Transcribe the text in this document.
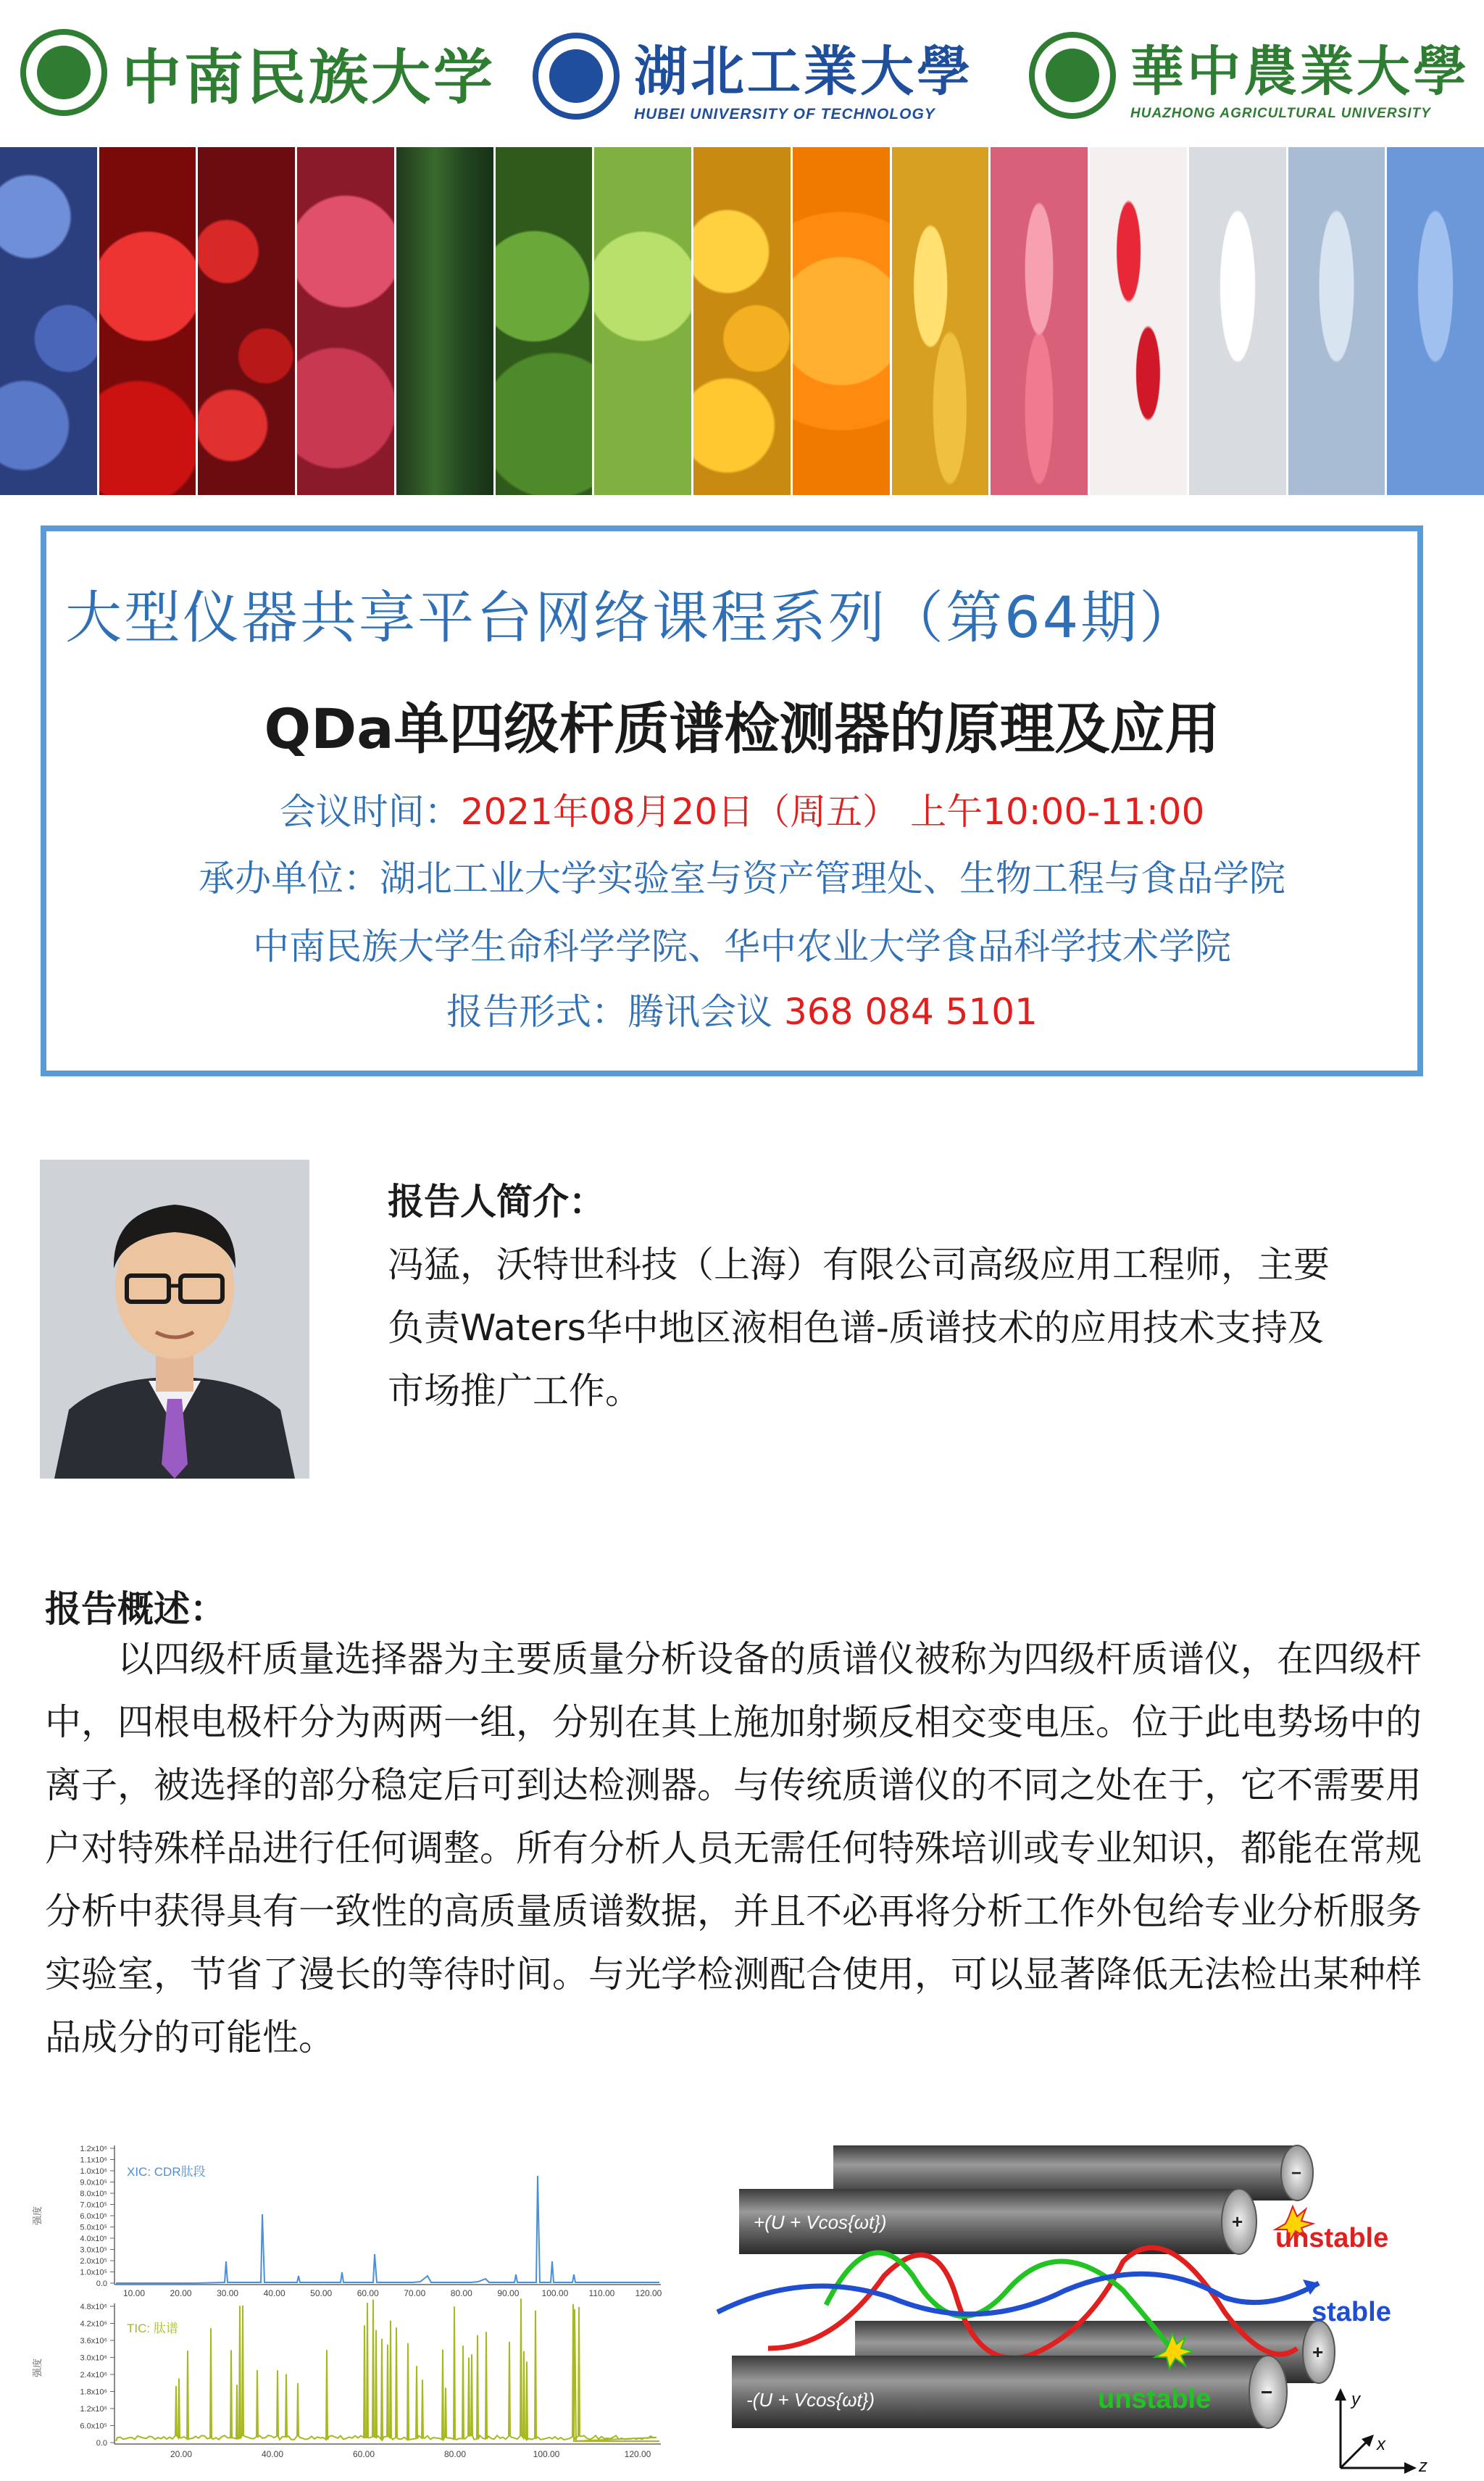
中南民族大学	湖北工業大學
HUBEI UNIVERSITY OF TECHNOLOGY
華中農業大學
HUAZHONG AGRICULTURAL UNIVERSITY
大型仪器共享平台网络课程系列（第64期）
QDa单四级杆质谱检测器的原理及应用
会议时间：2021年08月20日（周五） 上午10:00-11:00
承办单位：湖北工业大学实验室与资产管理处、生物工程与食品学院
中南民族大学生命科学学院、华中农业大学食品科学技术学院
报告形式：腾讯会议 368 084 5101
报告人简介：
冯猛，沃特世科技（上海）有限公司高级应用工程师，主要
负责Waters华中地区液相色谱-质谱技术的应用技术支持及
市场推广工作。
报告概述：
以四级杆质量选择器为主要质量分析设备的质谱仪被称为四级杆质谱仪，在四级杆中，四根电极杆分为两两一组，分别在其上施加射频反相交变电压。位于此电势场中的离子，被选择的部分稳定后可到达检测器。与传统质谱仪的不同之处在于，它不需要用户对特殊样品进行任何调整。所有分析人员无需任何特殊培训或专业知识，都能在常规分析中获得具有一致性的高质量质谱数据，并且不必再将分析工作外包给专业分析服务实验室，节省了漫长的等待时间。与光学检测配合使用，可以显著降低无法检出某种样品成分的可能性。
强度
1.2x10⁶
1.1x10⁶
1.0x10⁶
9.0x10⁵
8.0x10⁵
7.0x10⁵
6.0x10⁵
5.0x10⁵
4.0x10⁵
3.0x10⁵
2.0x10⁵
1.0x10⁵
0.0
10.00	20.00	30.00	40.00	50.00	60.00	70.00	80.00	90.00	100.00 110.00 120.00
XIC: CDR肽段
强度
4.8x10⁶
4.2x10⁶
3.6x10⁶
3.0x10⁶
2.4x10⁶
1.8x10⁶
1.2x10⁶
6.0x10⁵
0.0
20.00	40.00	60.00	80.00	100.00	120.00
TIC: 肽谱
−
+
+(U + Vcos{ωt})
+
−
-(U + Vcos{ωt})
unstable
stable
unstable	y
x
z
